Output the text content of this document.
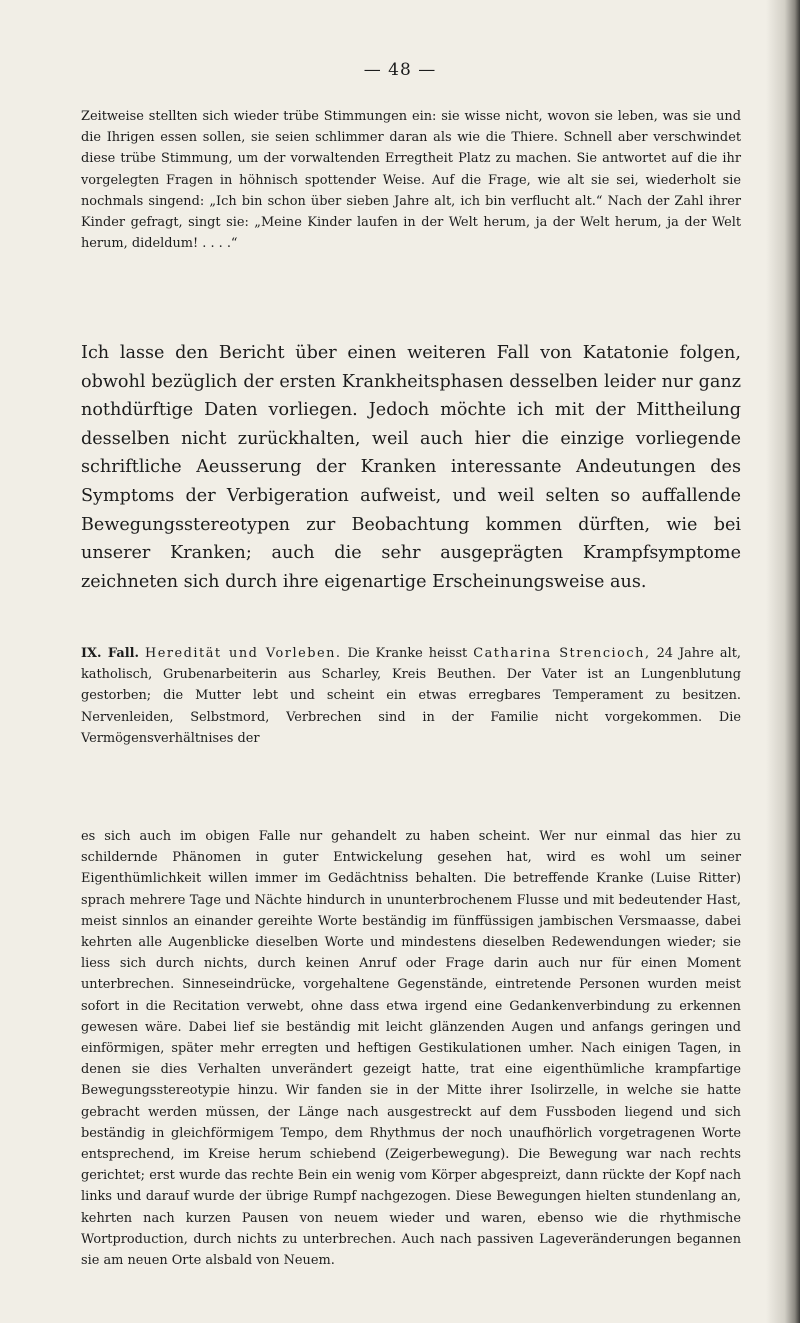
— 48 —

Zeitweise stellten sich wieder trübe Stimmungen ein: sie wisse nicht, wovon sie leben, was sie und die Ihrigen essen sollen, sie seien schlimmer daran als wie die Thiere. Schnell aber verschwindet diese trübe Stimmung, um der vorwaltenden Erregtheit Platz zu machen. Sie antwortet auf die ihr vorgelegten Fragen in höhnisch spottender Weise. Auf die Frage, wie alt sie sei, wiederholt sie nochmals singend: „Ich bin schon über sieben Jahre alt, ich bin verflucht alt.“ Nach der Zahl ihrer Kinder gefragt, singt sie: „Meine Kinder laufen in der Welt herum, ja der Welt herum, ja der Welt herum, dideldum! . . . .“

Ich lasse den Bericht über einen weiteren Fall von Katatonie folgen, obwohl bezüglich der ersten Krankheitsphasen desselben leider nur ganz nothdürftige Daten vorliegen. Jedoch möchte ich mit der Mittheilung desselben nicht zurückhalten, weil auch hier die einzige vorliegende schriftliche Aeusserung der Kranken interessante Andeutungen des Symptoms der Verbigeration aufweist, und weil selten so auffallende Bewegungsstereotypen zur Beobachtung kommen dürften, wie bei unserer Kranken; auch die sehr ausgeprägten Krampfsymptome zeichneten sich durch ihre eigenartige Erscheinungsweise aus.

IX. Fall. Heredität und Vorleben. Die Kranke heisst Catharina Strencioch, 24 Jahre alt, katholisch, Grubenarbeiterin aus Scharley, Kreis Beuthen. Der Vater ist an Lungenblutung gestorben; die Mutter lebt und scheint ein etwas erregbares Temperament zu besitzen. Nervenleiden, Selbstmord, Verbrechen sind in der Familie nicht vorgekommen. Die Vermögensverhältnises der

es sich auch im obigen Falle nur gehandelt zu haben scheint. Wer nur einmal das hier zu schildernde Phänomen in guter Entwickelung gesehen hat, wird es wohl um seiner Eigenthümlichkeit willen immer im Gedächtniss behalten. Die betreffende Kranke (Luise Ritter) sprach mehrere Tage und Nächte hindurch in ununterbrochenem Flusse und mit bedeutender Hast, meist sinnlos an einander gereihte Worte beständig im fünffüssigen jambischen Versmaasse, dabei kehrten alle Augenblicke dieselben Worte und mindestens dieselben Redewendungen wieder; sie liess sich durch nichts, durch keinen Anruf oder Frage darin auch nur für einen Moment unterbrechen. Sinneseindrücke, vorgehaltene Gegenstände, eintretende Personen wurden meist sofort in die Recitation verwebt, ohne dass etwa irgend eine Gedankenverbindung zu erkennen gewesen wäre. Dabei lief sie beständig mit leicht glänzenden Augen und anfangs geringen und einförmigen, später mehr erregten und heftigen Gestikulationen umher. Nach einigen Tagen, in denen sie dies Verhalten unverändert gezeigt hatte, trat eine eigenthümliche krampfartige Bewegungsstereotypie hinzu. Wir fanden sie in der Mitte ihrer Isolirzelle, in welche sie hatte gebracht werden müssen, der Länge nach ausgestreckt auf dem Fussboden liegend und sich beständig in gleichförmigem Tempo, dem Rhythmus der noch unaufhörlich vorgetragenen Worte entsprechend, im Kreise herum schiebend (Zeigerbewegung). Die Bewegung war nach rechts gerichtet; erst wurde das rechte Bein ein wenig vom Körper abgespreizt, dann rückte der Kopf nach links und darauf wurde der übrige Rumpf nachgezogen. Diese Bewegungen hielten stundenlang an, kehrten nach kurzen Pausen von neuem wieder und waren, ebenso wie die rhythmische Wortproduction, durch nichts zu unterbrechen. Auch nach passiven Lageveränderungen begannen sie am neuen Orte alsbald von Neuem.
